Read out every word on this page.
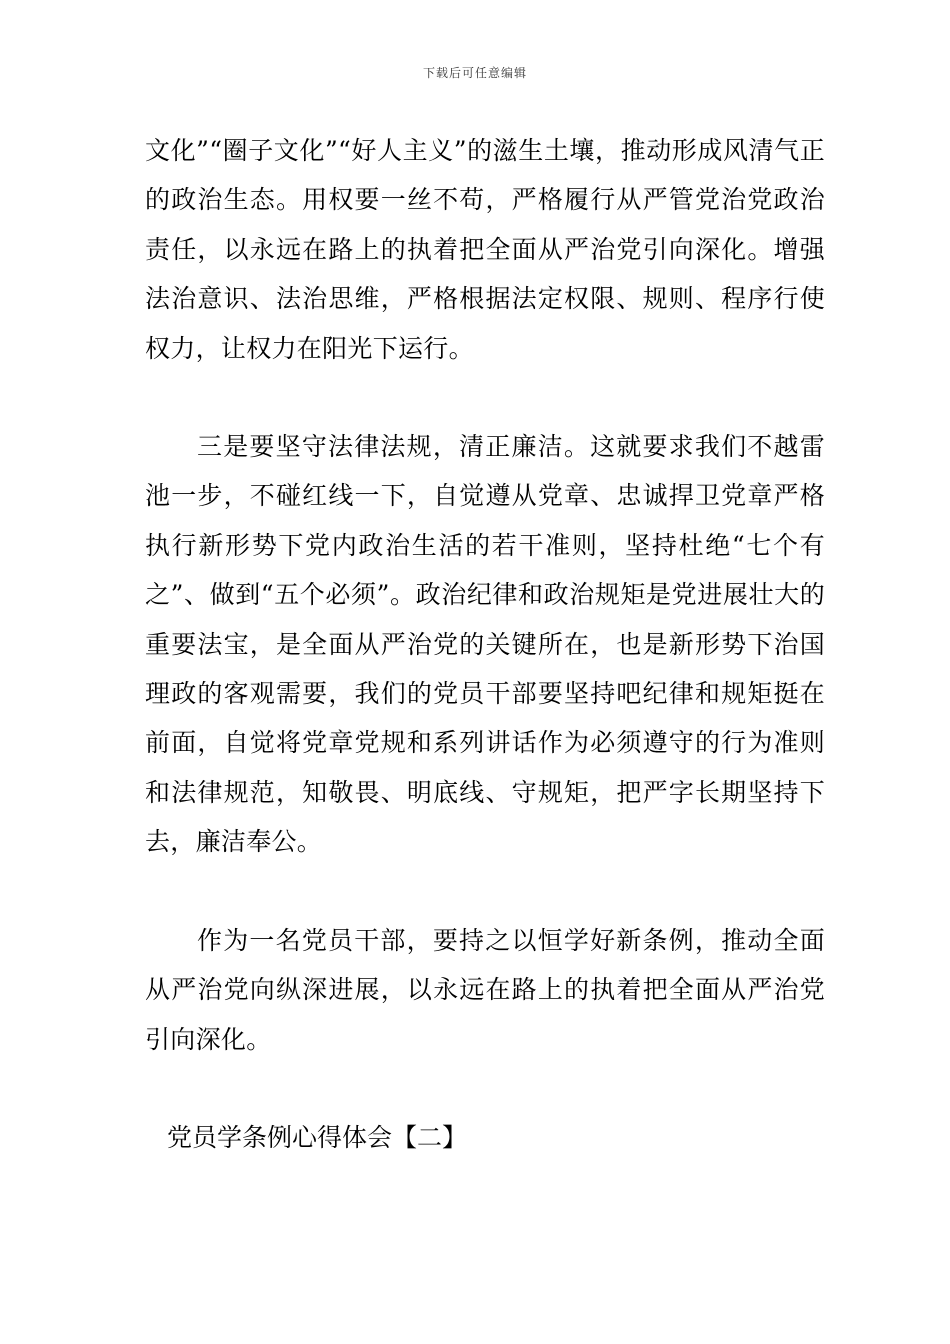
下载后可任意编辑

文化”“圈子文化”“好人主义”的滋生土壤，推动形成风清气正的政治生态。用权要一丝不苟，严格履行从严管党治党政治责任，以永远在路上的执着把全面从严治党引向深化。增强法治意识、法治思维，严格根据法定权限、规则、程序行使权力，让权力在阳光下运行。

三是要坚守法律法规，清正廉洁。这就要求我们不越雷池一步，不碰红线一下，自觉遵从党章、忠诚捍卫党章严格执行新形势下党内政治生活的若干准则，坚持杜绝“七个有之”、做到“五个必须”。政治纪律和政治规矩是党进展壮大的重要法宝，是全面从严治党的关键所在，也是新形势下治国理政的客观需要，我们的党员干部要坚持吧纪律和规矩挺在前面，自觉将党章党规和系列讲话作为必须遵守的行为准则和法律规范，知敬畏、明底线、守规矩，把严字长期坚持下去，廉洁奉公。

作为一名党员干部，要持之以恒学好新条例，推动全面从严治党向纵深进展，以永远在路上的执着把全面从严治党引向深化。

党员学条例心得体会【二】
